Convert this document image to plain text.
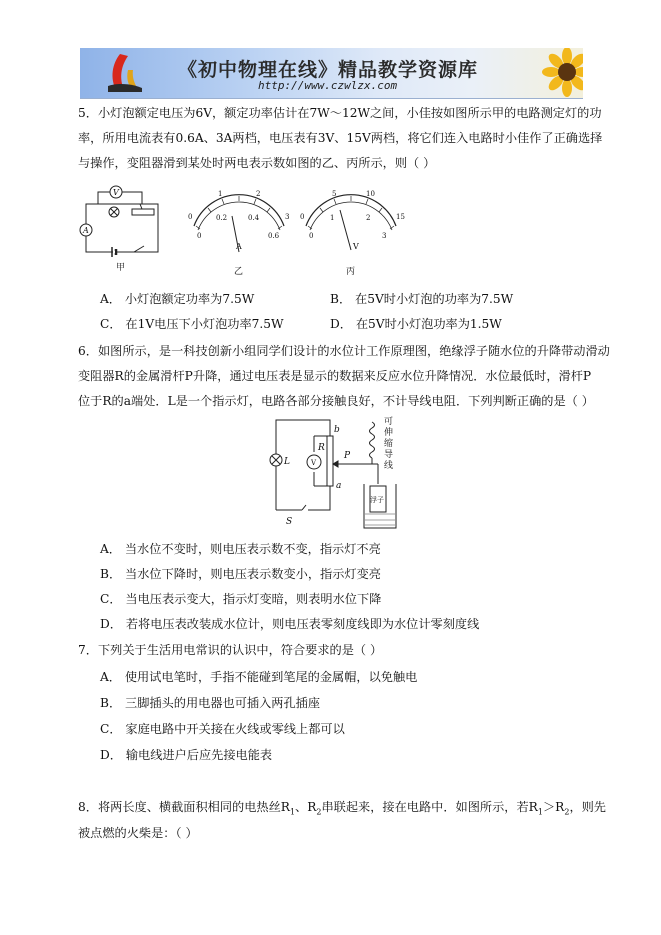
《初中物理在线》精品教学资源库
http://www.czwlzx.com
5．小灯泡额定电压为6V，额定功率估计在7W～12W之间，小佳按如图所示甲的电路测定灯的功
率，所用电流表有0.6A、3A两档，电压表有3V、15V两档，将它们连入电路时小佳作了正确选择
与操作，变阻器滑到某处时两电表示数如图的乙、丙所示，则（ ）
V
A
甲
0
1	2
3
0
0.2	0.4
0.6
A
乙
0
5	10
15
0
1	2
3
V
丙
A． 小灯泡额定功率为7.5W	B． 在5V时小灯泡的功率为7.5W
C． 在1V电压下小灯泡功率7.5W	D． 在5V时小灯泡功率为1.5W
6．如图所示，是一科技创新小组同学们设计的水位计工作原理图，绝缘浮子随水位的升降带动滑动
变阻器R的金属滑杆P升降，通过电压表是显示的数据来反应水位升降情况．水位最低时，滑杆P
位于R的a端处．L是一个指示灯，电路各部分接触良好，不计导线电阻．下列判断正确的是（ ）
L	V
R
b
P
a
S
可
伸
缩
导
线
浮子
A． 当水位不变时，则电压表示数不变，指示灯不亮
B． 当水位下降时，则电压表示数变小，指示灯变亮
C． 当电压表示变大，指示灯变暗，则表明水位下降
D． 若将电压表改装成水位计，则电压表零刻度线即为水位计零刻度线
7．下列关于生活用电常识的认识中，符合要求的是（ ）
A． 使用试电笔时，手指不能碰到笔尾的金属帽，以免触电
B． 三脚插头的用电器也可插入两孔插座
C． 家庭电路中开关接在火线或零线上都可以
D． 输电线进户后应先接电能表
8．将两长度、横截面积相同的电热丝$R_1$、$R_2$串联起来，接在电路中．如图所示，若$R_1>R_2$，则先
被点燃的火柴是：（ ）
